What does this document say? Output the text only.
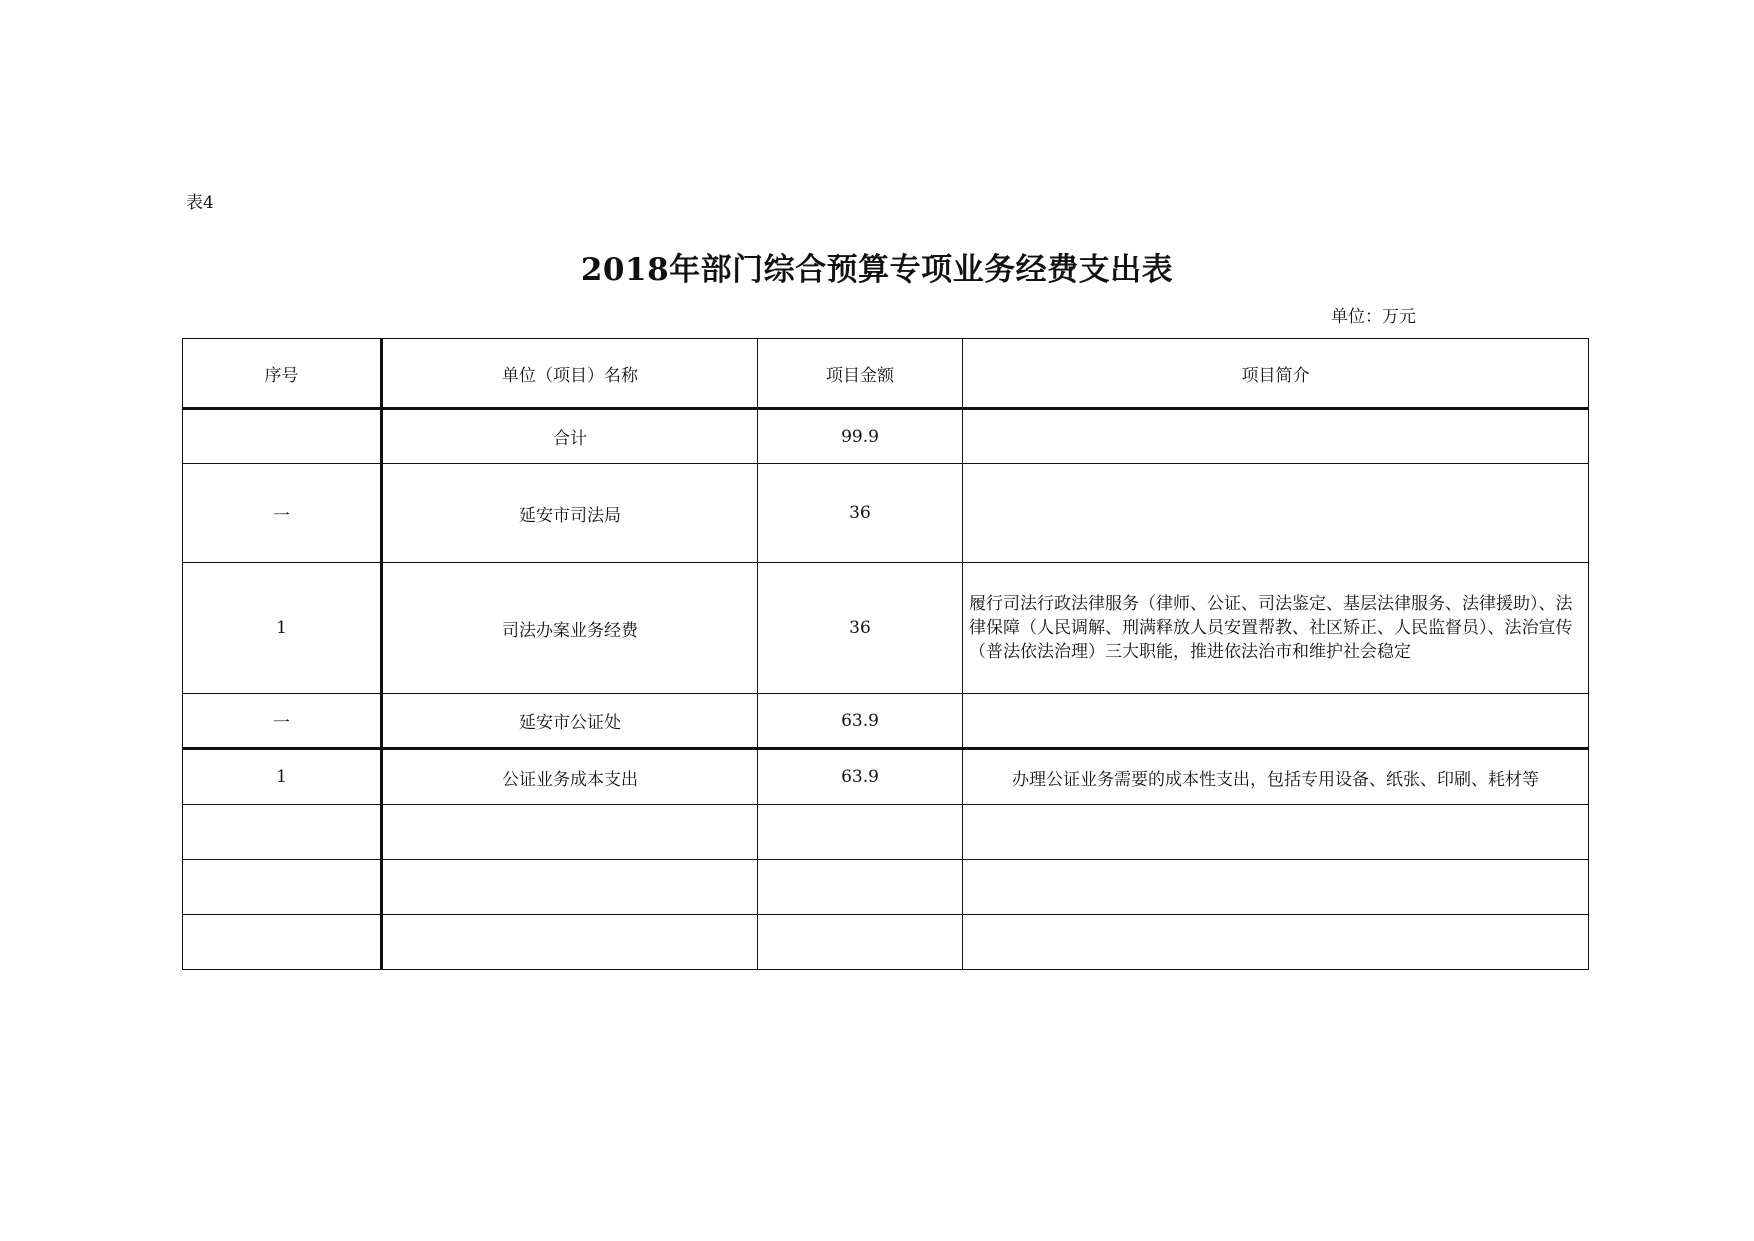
表4
2018年部门综合预算专项业务经费支出表
单位：万元
序号	单位（项目）名称	项目金额	项目简介
	合计	99.9	
一	延安市司法局	36	
1	司法办案业务经费	36	履行司法行政法律服务（律师、公证、司法鉴定、基层法律服务、法律援助）、法律保障（人民调解、刑满释放人员安置帮教、社区矫正、人民监督员）、法治宣传（普法依法治理）三大职能，推进依法治市和维护社会稳定
一	延安市公证处	63.9	
1	公证业务成本支出	63.9	办理公证业务需要的成本性支出，包括专用设备、纸张、印刷、耗材等
